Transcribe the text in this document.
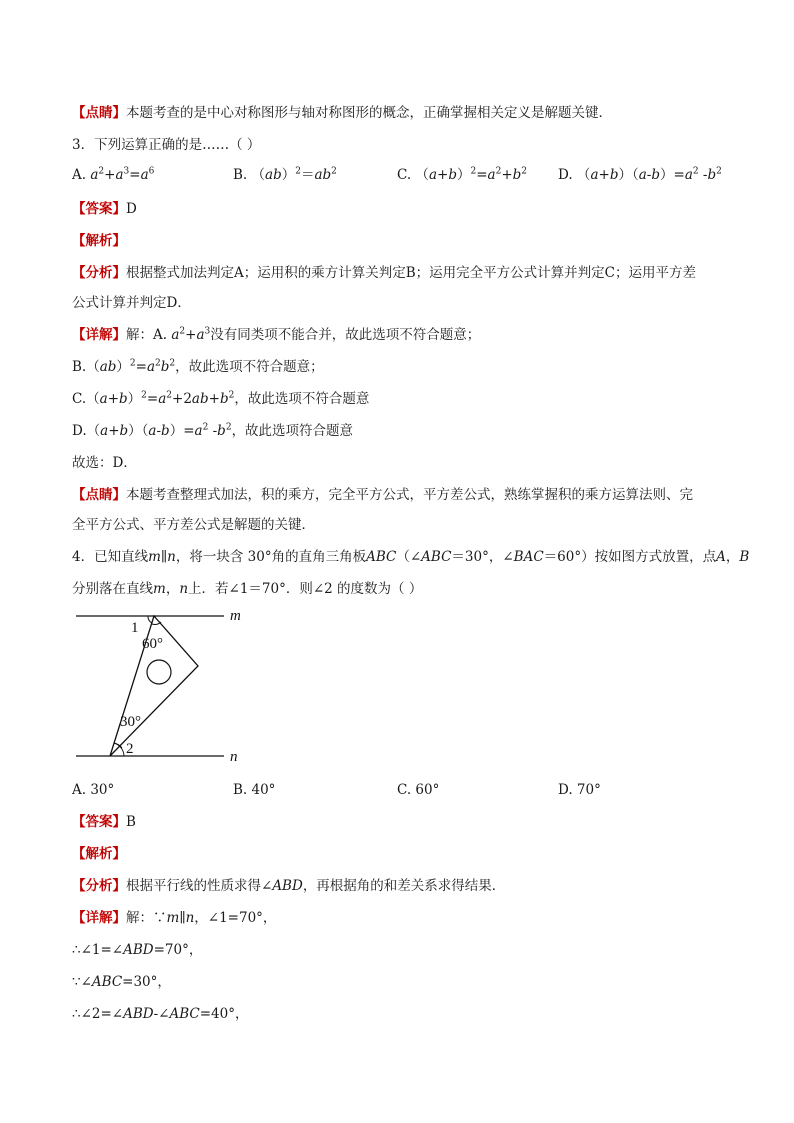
【点睛】本题考查的是中心对称图形与轴对称图形的概念，正确掌握相关定义是解题关键．
3．下列运算正确的是……（ ）
A. $a^2+a^3=a^6$	B. $(ab)^2=ab^2$	C. $(a+b)^2=a^2+b^2$ D. $(a+b)(a-b)=a^2$ $-b^2$
【答案】D
【解析】
【分析】根据整式加法判定A；运用积的乘方计算关判定B；运用完全平方公式计算并判定C；运用平方差
公式计算并判定D．
【详解】解：A. $a^2+a^3$没有同类项不能合并，故此选项不符合题意；
$B.(ab)^2=a^2b^2$，故此选项不符合题意；
$C.(a+b)^2=a^2+2ab+b^2$，故此选项不符合题意
$D.(a+b)(a-b)=a^2$ $-b^2$，故此选项符合题意
故选：D．
【点睛】本题考查整理式加法，积的乘方，完全平方公式，平方差公式，熟练掌握积的乘方运算法则、完
全平方公式、平方差公式是解题的关键．
4．已知直线m∥n，将一块含 30°角的直角三角板ABC（∠ABC＝30°，∠BAC＝60°）按如图方式放置，点A，B
分别落在直线m，n上．若∠1＝70°．则∠2 的度数为（ ）
m
n
1
60°
30°
2
A. 30°	B. 40°	C. 60°	D. 70°
【答案】B
【解析】
【分析】根据平行线的性质求得∠ABD，再根据角的和差关系求得结果．
【详解】解：∵m∥n，∠1=70°，
∴∠1=∠ABD=70°，
∵∠ABC=30°，
∴∠2=∠ABD-∠ABC=40°，
